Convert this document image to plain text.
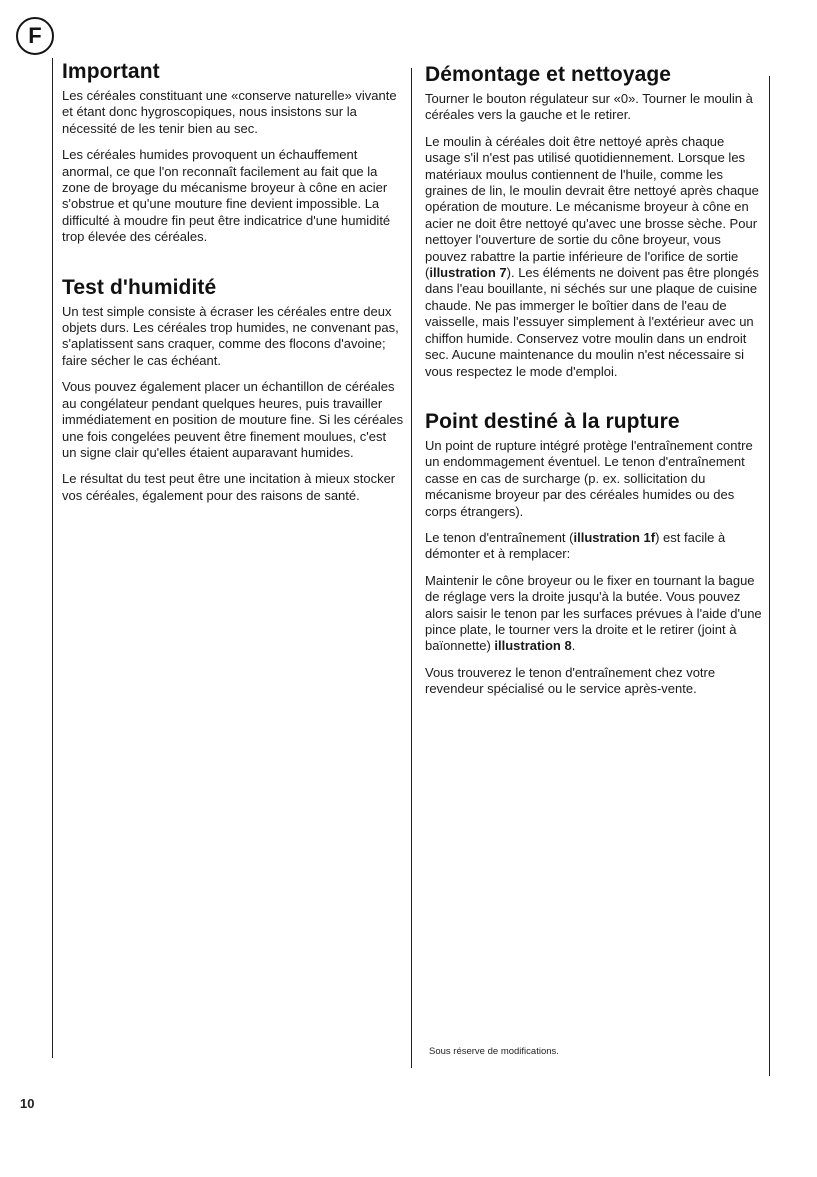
F
Important

Les céréales constituant une «conserve naturelle» vivante et étant donc hygroscopiques, nous insistons sur la nécessité de les tenir bien au sec.

Les céréales humides provoquent un échauffement anormal, ce que l'on reconnaît facilement au fait que la zone de broyage du mécanisme broyeur à cône en acier s'obstrue et qu'une mouture fine devient impossible. La difficulté à moudre fin peut être indicatrice d'une humidité trop élevée des céréales.

Test d'humidité

Un test simple consiste à écraser les céréales entre deux objets durs. Les céréales trop humides, ne convenant pas, s'aplatissent sans craquer, comme des flocons d'avoine; faire sécher le cas échéant.

Vous pouvez également placer un échantillon de céréales au congélateur pendant quelques heures, puis travailler immédiatement en position de mouture fine. Si les céréales une fois congelées peuvent être finement moulues, c'est un signe clair qu'elles étaient auparavant humides.

Le résultat du test peut être une incitation à mieux stocker vos céréales, également pour des raisons de santé.

Démontage et nettoyage

Tourner le bouton régulateur sur «0». Tourner le moulin à céréales vers la gauche et le retirer.

Le moulin à céréales doit être nettoyé après chaque usage s'il n'est pas utilisé quotidiennement. Lorsque les matériaux moulus contiennent de l'huile, comme les graines de lin, le moulin devrait être nettoyé après chaque opération de mouture. Le mécanisme broyeur à cône en acier ne doit être nettoyé qu'avec une brosse sèche. Pour nettoyer l'ouverture de sortie du cône broyeur, vous pouvez rabattre la partie inférieure de l'orifice de sortie (illustration 7). Les éléments ne doivent pas être plongés dans l'eau bouillante, ni séchés sur une plaque de cuisine chaude. Ne pas immerger le boîtier dans de l'eau de vaisselle, mais l'essuyer simplement à l'extérieur avec un chiffon humide. Conservez votre moulin dans un endroit sec. Aucune maintenance du moulin n'est nécessaire si vous respectez le mode d'emploi.

Point destiné à la rupture

Un point de rupture intégré protège l'entraînement contre un endommagement éventuel. Le tenon d'entraînement casse en cas de surcharge (p. ex. sollicitation du mécanisme broyeur par des céréales humides ou des corps étrangers).

Le tenon d'entraînement (illustration 1f) est facile à démonter et à remplacer:

Maintenir le cône broyeur ou le fixer en tournant la bague de réglage vers la droite jusqu'à la butée. Vous pouvez alors saisir le tenon par les surfaces prévues à l'aide d'une pince plate, le tourner vers la droite et le retirer (joint à baïonnette) illustration 8.

Vous trouverez le tenon d'entraînement chez votre revendeur spécialisé ou le service après-vente.

Sous réserve de modifications.
10
